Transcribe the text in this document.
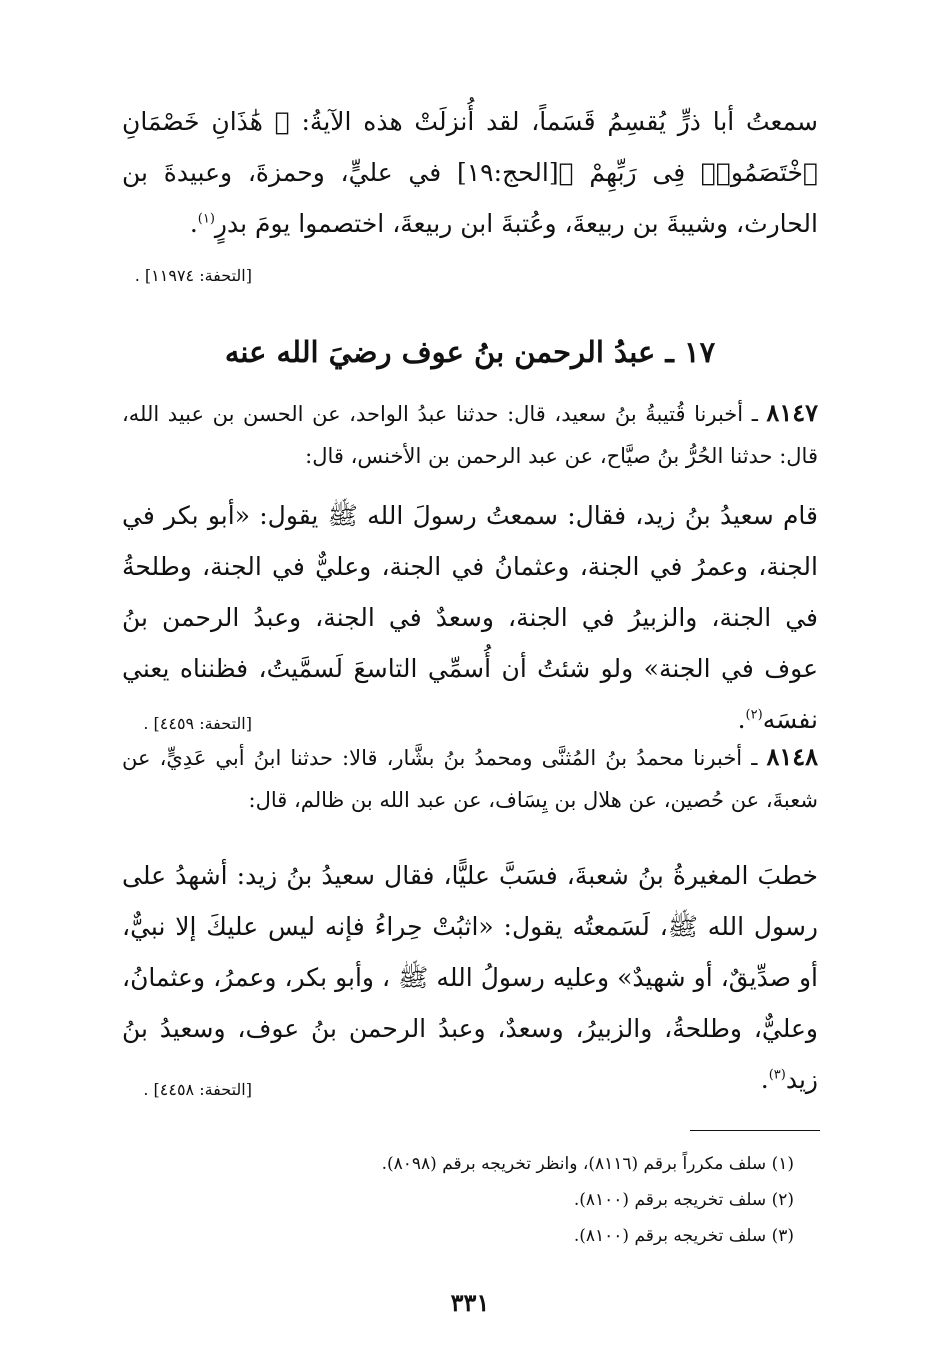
سمعتُ أبا ذرٍّ يُقسِمُ قَسَماً، لقد أُنزلَتْ هذه الآيةُ: ﴿ هَٰذَانِ خَصْمَانِ ٱخْتَصَمُوا۟ فِى رَبِّهِمْ ﴾[الحج:١٩] في عليٍّ، وحمزةَ، وعبيدةَ بن الحارث، وشيبةَ بن ربيعةَ، وعُتبةَ ابن ربيعةَ، اختصموا يومَ بدرٍ$^{(١)}$.

[التحفة: ١١٩٧٤] .
١٧ ـ عبدُ الرحمن بنُ عوف رضيَ الله عنه

٨١٤٧ ـ أخبرنا قُتيبةُ بنُ سعيد، قال: حدثنا عبدُ الواحد، عن الحسن بن عبيد الله، قال: حدثنا الحُرُّ بنُ صيَّاح، عن عبد الرحمن بن الأخنس، قال:

قام سعيدُ بنُ زيد، فقال: سمعتُ رسولَ الله ﷺ يقول: «أبو بكر في الجنة، وعمرُ في الجنة، وعثمانُ في الجنة، وعليٌّ في الجنة، وطلحةُ في الجنة، والزبيرُ في الجنة، وسعدٌ في الجنة، وعبدُ الرحمن بنُ عوف في الجنة» ولو شئتُ أن أُسمِّي التاسعَ لَسمَّيتُ، فظنناه يعني نفسَه$^{(٢)}$.

[التحفة: ٤٤٥٩] .

٨١٤٨ ـ أخبرنا محمدُ بنُ المُثنَّى ومحمدُ بنُ بشَّار، قالا: حدثنا ابنُ أبي عَدِيٍّ، عن شعبةَ، عن حُصين، عن هلال بن يِسَاف، عن عبد الله بن ظالم، قال:

خطبَ المغيرةُ بنُ شعبةَ، فسَبَّ عليًّا، فقال سعيدُ بنُ زيد: أشهدُ على رسول الله ﷺ، لَسَمعتُه يقول: «اثبُتْ حِراءُ فإنه ليس عليكَ إلا نبيٌّ، أو صدِّيقٌ، أو شهيدٌ» وعليه رسولُ الله ﷺ ، وأبو بكر، وعمرُ، وعثمانُ، وعليٌّ، وطلحةُ، والزبيرُ، وسعدٌ، وعبدُ الرحمن بنُ عوف، وسعيدُ بنُ زيد$^{(٣)}$.

[التحفة: ٤٤٥٨] .
(١) سلف مكرراً برقم (٨١١٦)، وانظر تخريجه برقم (٨٠٩٨).
(٢) سلف تخريجه برقم (٨١٠٠).
(٣) سلف تخريجه برقم (٨١٠٠).
٣٣١
